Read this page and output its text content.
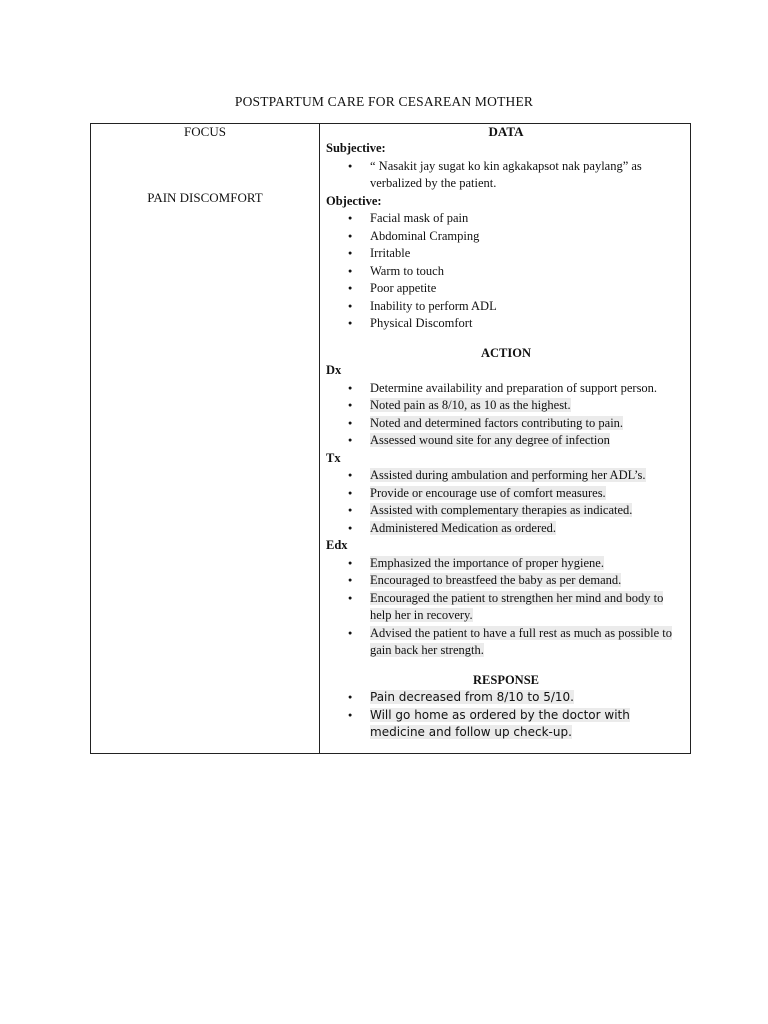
POSTPARTUM CARE FOR CESAREAN MOTHER
FOCUS
PAIN DISCOMFORT
DATA
Subjective:
● “ Nasakit jay sugat ko kin agkakapsot nak paylang” as verbalized by the patient.
Objective:
● Facial mask of pain
● Abdominal Cramping
● Irritable
● Warm to touch
● Poor appetite
● Inability to perform ADL
● Physical Discomfort
ACTION
Dx
● Determine availability and preparation of support person.
● Noted pain as 8/10, as 10 as the highest.
● Noted and determined factors contributing to pain.
● Assessed wound site for any degree of infection
Tx
● Assisted during ambulation and performing her ADL’s.
● Provide or encourage use of comfort measures.
● Assisted with complementary therapies as indicated.
● Administered Medication as ordered.
Edx
● Emphasized the importance of proper hygiene.
● Encouraged to breastfeed the baby as per demand.
● Encouraged the patient to strengthen her mind and body to help her in recovery.
● Advised the patient to have a full rest as much as possible to gain back her strength.
RESPONSE
● Pain decreased from 8/10 to 5/10.
● Will go home as ordered by the doctor with medicine and follow up check-up.
